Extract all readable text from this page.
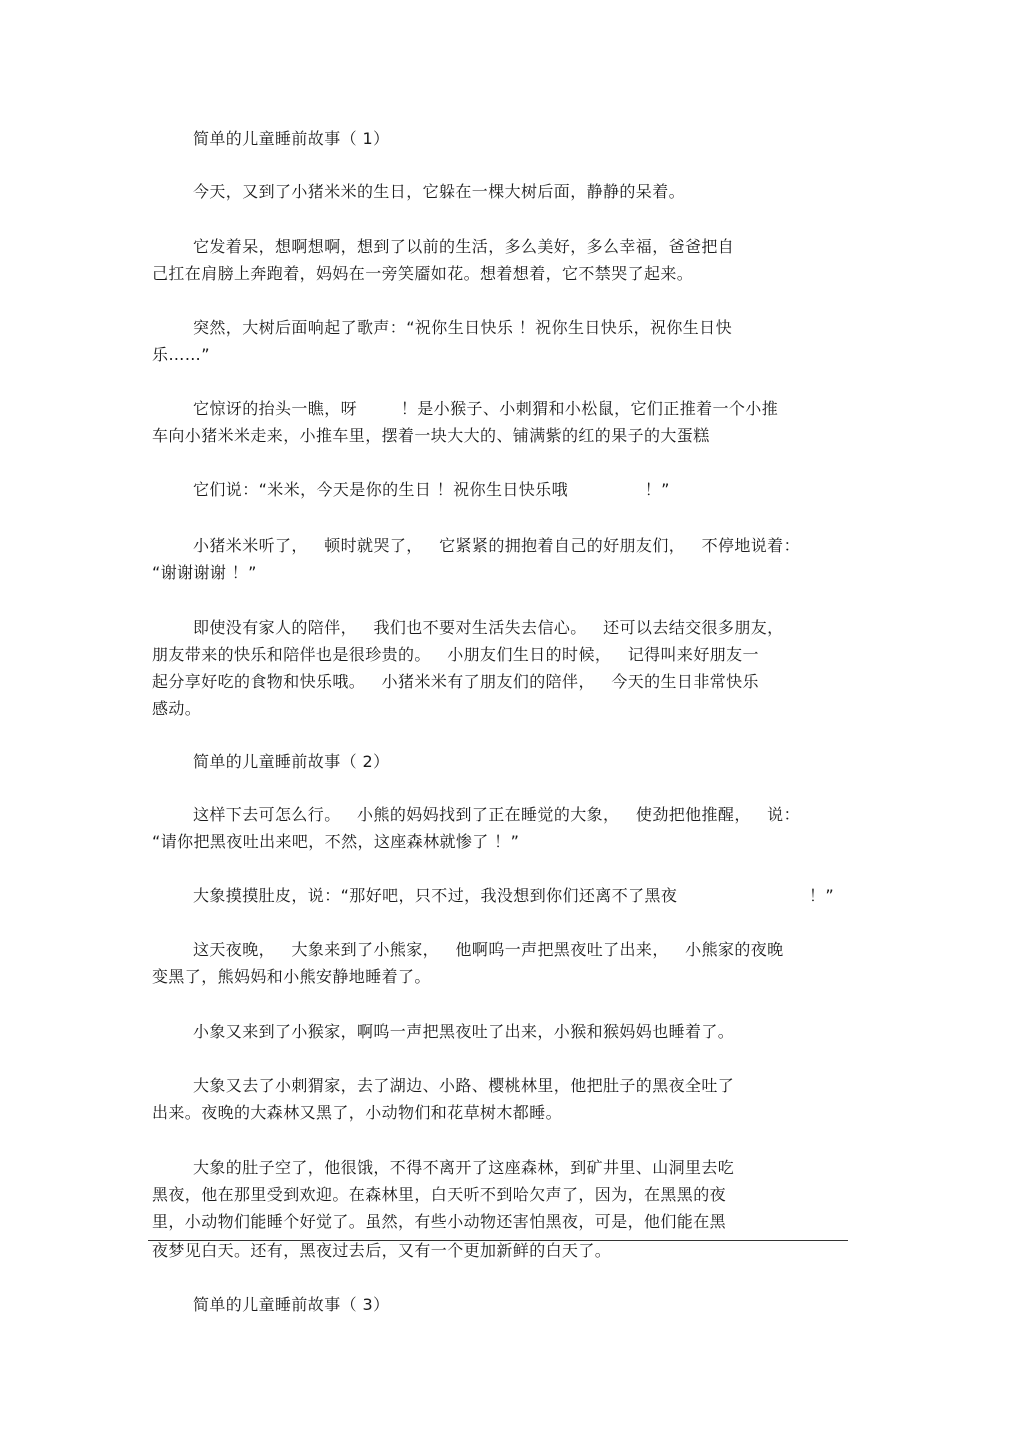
简单的儿童睡前故事（ 1）
今天，又到了小猪米米的生日，它躲在一棵大树后面，静静的呆着。
它发着呆，想啊想啊，想到了以前的生活，多么美好，多么幸福，爸爸把自
己扛在肩膀上奔跑着，妈妈在一旁笑靥如花。想着想着，它不禁哭了起来。
突然，大树后面响起了歌声：“祝你生日快乐 ！祝你生日快乐，祝你生日快
乐……”
它惊讶的抬头一瞧，呀        ！是小猴子、小刺猬和小松鼠，它们正推着一个小推
车向小猪米米走来，小推车里，摆着一块大大的、铺满紫的红的果子的大蛋糕
它们说：“米米，今天是你的生日 ！祝你生日快乐哦              ！”
小猪米米听了，   顿时就哭了，   它紧紧的拥抱着自己的好朋友们，   不停地说着：
“谢谢谢谢 ！”
即使没有家人的陪伴，   我们也不要对生活失去信心。   还可以去结交很多朋友，
朋友带来的快乐和陪伴也是很珍贵的。   小朋友们生日的时候，   记得叫来好朋友一
起分享好吃的食物和快乐哦。   小猪米米有了朋友们的陪伴，   今天的生日非常快乐
感动。
简单的儿童睡前故事（ 2）
这样下去可怎么行。   小熊的妈妈找到了正在睡觉的大象，   使劲把他推醒，   说：
“请你把黑夜吐出来吧，不然，这座森林就惨了 ！”
大象摸摸肚皮，说：“那好吧，只不过，我没想到你们还离不了黑夜                        ！”
这天夜晚，   大象来到了小熊家，   他啊呜一声把黑夜吐了出来，   小熊家的夜晚
变黑了，熊妈妈和小熊安静地睡着了。
小象又来到了小猴家，啊呜一声把黑夜吐了出来，小猴和猴妈妈也睡着了。
大象又去了小刺猬家，去了湖边、小路、樱桃林里，他把肚子的黑夜全吐了
出来。夜晚的大森林又黑了，小动物们和花草树木都睡。
大象的肚子空了，他很饿，不得不离开了这座森林，到矿井里、山洞里去吃
黑夜，他在那里受到欢迎。在森林里，白天听不到哈欠声了，因为，在黑黑的夜
里，小动物们能睡个好觉了。虽然，有些小动物还害怕黑夜，可是，他们能在黑
夜梦见白天。还有，黑夜过去后，又有一个更加新鲜的白天了。
简单的儿童睡前故事（ 3）
